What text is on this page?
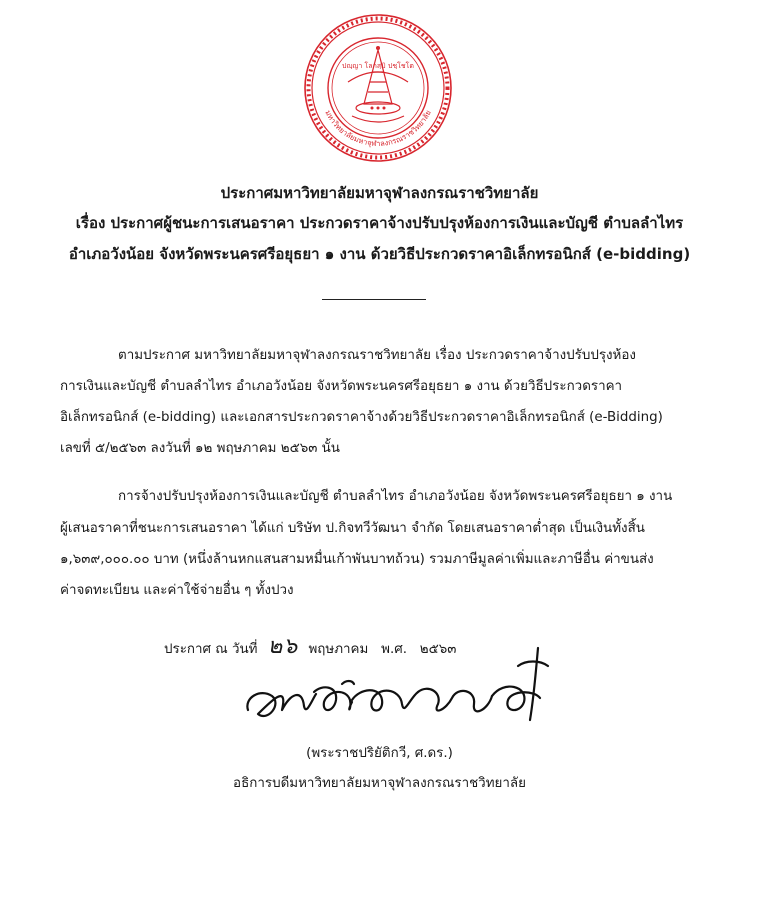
ปญฺญา โลกสฺมิ ปชฺโชโต
มหาวิทยาลัยมหาจุฬาลงกรณราชวิทยาลัย
ประกาศมหาวิทยาลัยมหาจุฬาลงกรณราชวิทยาลัย
เรื่อง ประกาศผู้ชนะการเสนอราคา ประกวดราคาจ้างปรับปรุงห้องการเงินและบัญชี ตำบลลำไทร
อำเภอวังน้อย จังหวัดพระนครศรีอยุธยา ๑ งาน ด้วยวิธีประกวดราคาอิเล็กทรอนิกส์ (e-bidding)
ตามประกาศ มหาวิทยาลัยมหาจุฬาลงกรณราชวิทยาลัย เรื่อง ประกวดราคาจ้างปรับปรุงห้อง
การเงินและบัญชี ตำบลลำไทร อำเภอวังน้อย จังหวัดพระนครศรีอยุธยา ๑ งาน ด้วยวิธีประกวดราคา
อิเล็กทรอนิกส์ (e-bidding) และเอกสารประกวดราคาจ้างด้วยวิธีประกวดราคาอิเล็กทรอนิกส์ (e-Bidding)
เลขที่ ๕/๒๕๖๓ ลงวันที่ ๑๒ พฤษภาคม ๒๕๖๓ นั้น
การจ้างปรับปรุงห้องการเงินและบัญชี ตำบลลำไทร อำเภอวังน้อย จังหวัดพระนครศรีอยุธยา ๑ งาน
ผู้เสนอราคาที่ชนะการเสนอราคา ได้แก่ บริษัท ป.กิจทวีวัฒนา จำกัด โดยเสนอราคาต่ำสุด เป็นเงินทั้งสิ้น
๑,๖๓๙,๐๐๐.๐๐ บาท (หนึ่งล้านหกแสนสามหมื่นเก้าพันบาทถ้วน) รวมภาษีมูลค่าเพิ่มและภาษีอื่น ค่าขนส่ง
ค่าจดทะเบียน และค่าใช้จ่ายอื่น ๆ ทั้งปวง
ประกาศ ณ วันที่ ๒๖ พฤษภาคม พ.ศ. ๒๕๖๓
(พระราชปริยัติกวี, ศ.ดร.)
อธิการบดีมหาวิทยาลัยมหาจุฬาลงกรณราชวิทยาลัย
